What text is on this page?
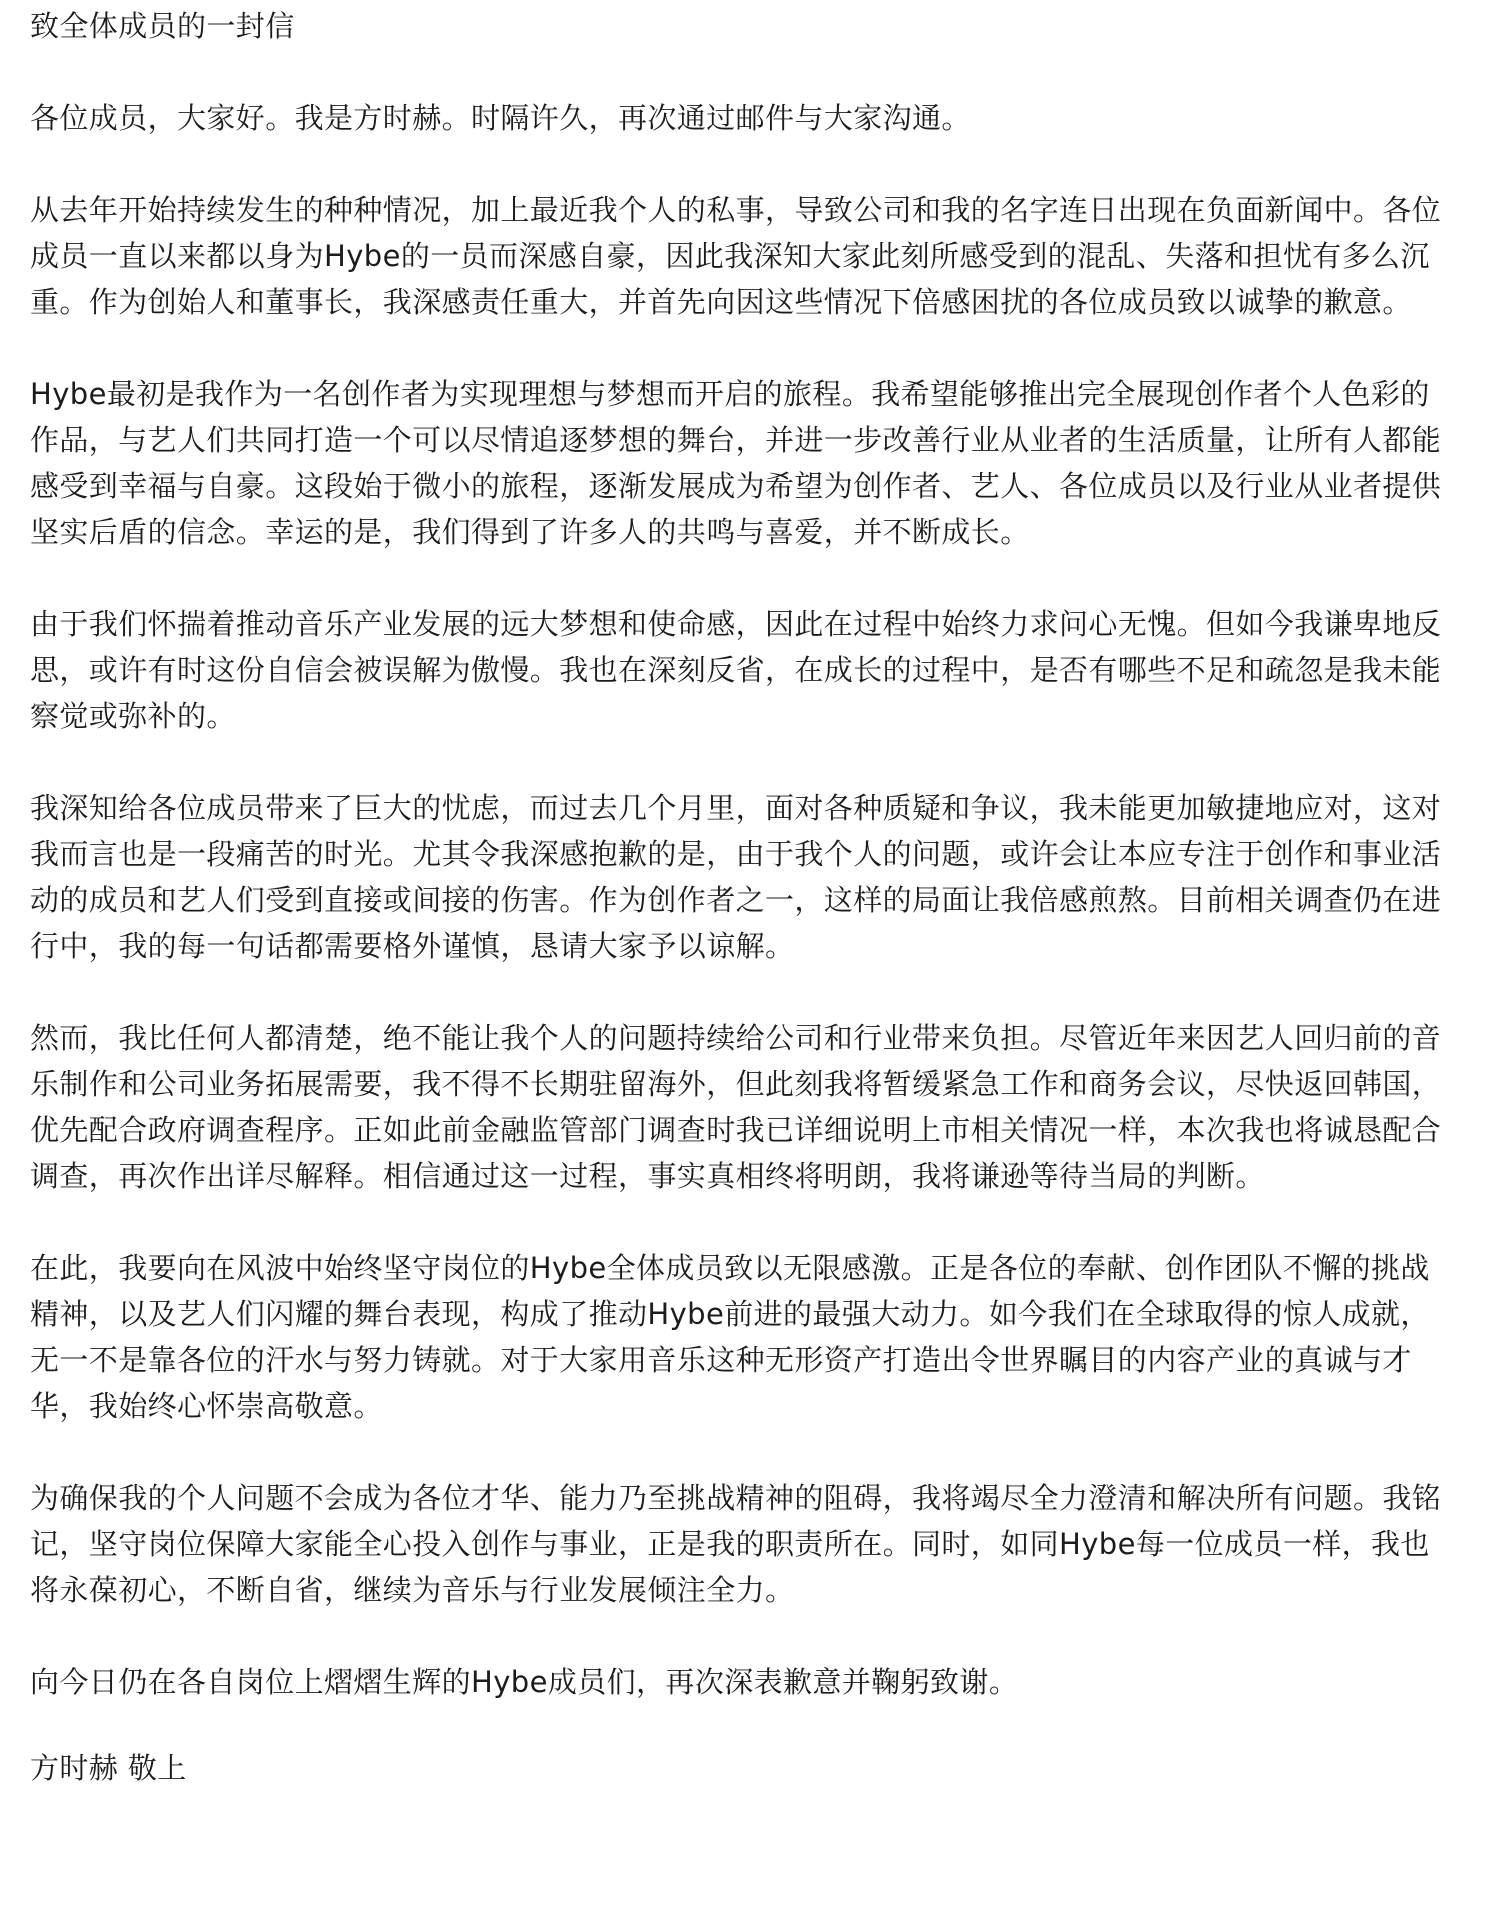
致全体成员的一封信

各位成员，大家好。我是方时赫。时隔许久，再次通过邮件与大家沟通。

从去年开始持续发生的种种情况，加上最近我个人的私事，导致公司和我的名字连日出现在负面新闻中。各位成员一直以来都以身为Hybe的一员而深感自豪，因此我深知大家此刻所感受到的混乱、失落和担忧有多么沉重。作为创始人和董事长，我深感责任重大，并首先向因这些情况下倍感困扰的各位成员致以诚挚的歉意。

Hybe最初是我作为一名创作者为实现理想与梦想而开启的旅程。我希望能够推出完全展现创作者个人色彩的作品，与艺人们共同打造一个可以尽情追逐梦想的舞台，并进一步改善行业从业者的生活质量，让所有人都能感受到幸福与自豪。这段始于微小的旅程，逐渐发展成为希望为创作者、艺人、各位成员以及行业从业者提供坚实后盾的信念。幸运的是，我们得到了许多人的共鸣与喜爱，并不断成长。

由于我们怀揣着推动音乐产业发展的远大梦想和使命感，因此在过程中始终力求问心无愧。但如今我谦卑地反思，或许有时这份自信会被误解为傲慢。我也在深刻反省，在成长的过程中，是否有哪些不足和疏忽是我未能察觉或弥补的。

我深知给各位成员带来了巨大的忧虑，而过去几个月里，面对各种质疑和争议，我未能更加敏捷地应对，这对我而言也是一段痛苦的时光。尤其令我深感抱歉的是，由于我个人的问题，或许会让本应专注于创作和事业活动的成员和艺人们受到直接或间接的伤害。作为创作者之一，这样的局面让我倍感煎熬。目前相关调查仍在进行中，我的每一句话都需要格外谨慎，恳请大家予以谅解。

然而，我比任何人都清楚，绝不能让我个人的问题持续给公司和行业带来负担。尽管近年来因艺人回归前的音乐制作和公司业务拓展需要，我不得不长期驻留海外，但此刻我将暂缓紧急工作和商务会议，尽快返回韩国，优先配合政府调查程序。正如此前金融监管部门调查时我已详细说明上市相关情况一样，本次我也将诚恳配合调查，再次作出详尽解释。相信通过这一过程，事实真相终将明朗，我将谦逊等待当局的判断。

在此，我要向在风波中始终坚守岗位的Hybe全体成员致以无限感激。正是各位的奉献、创作团队不懈的挑战精神，以及艺人们闪耀的舞台表现，构成了推动Hybe前进的最强大动力。如今我们在全球取得的惊人成就，无一不是靠各位的汗水与努力铸就。对于大家用音乐这种无形资产打造出令世界瞩目的内容产业的真诚与才华，我始终心怀崇高敬意。

为确保我的个人问题不会成为各位才华、能力乃至挑战精神的阻碍，我将竭尽全力澄清和解决所有问题。我铭记，坚守岗位保障大家能全心投入创作与事业，正是我的职责所在。同时，如同Hybe每一位成员一样，我也将永葆初心，不断自省，继续为音乐与行业发展倾注全力。

向今日仍在各自岗位上熠熠生辉的Hybe成员们，再次深表歉意并鞠躬致谢。

方时赫 敬上
